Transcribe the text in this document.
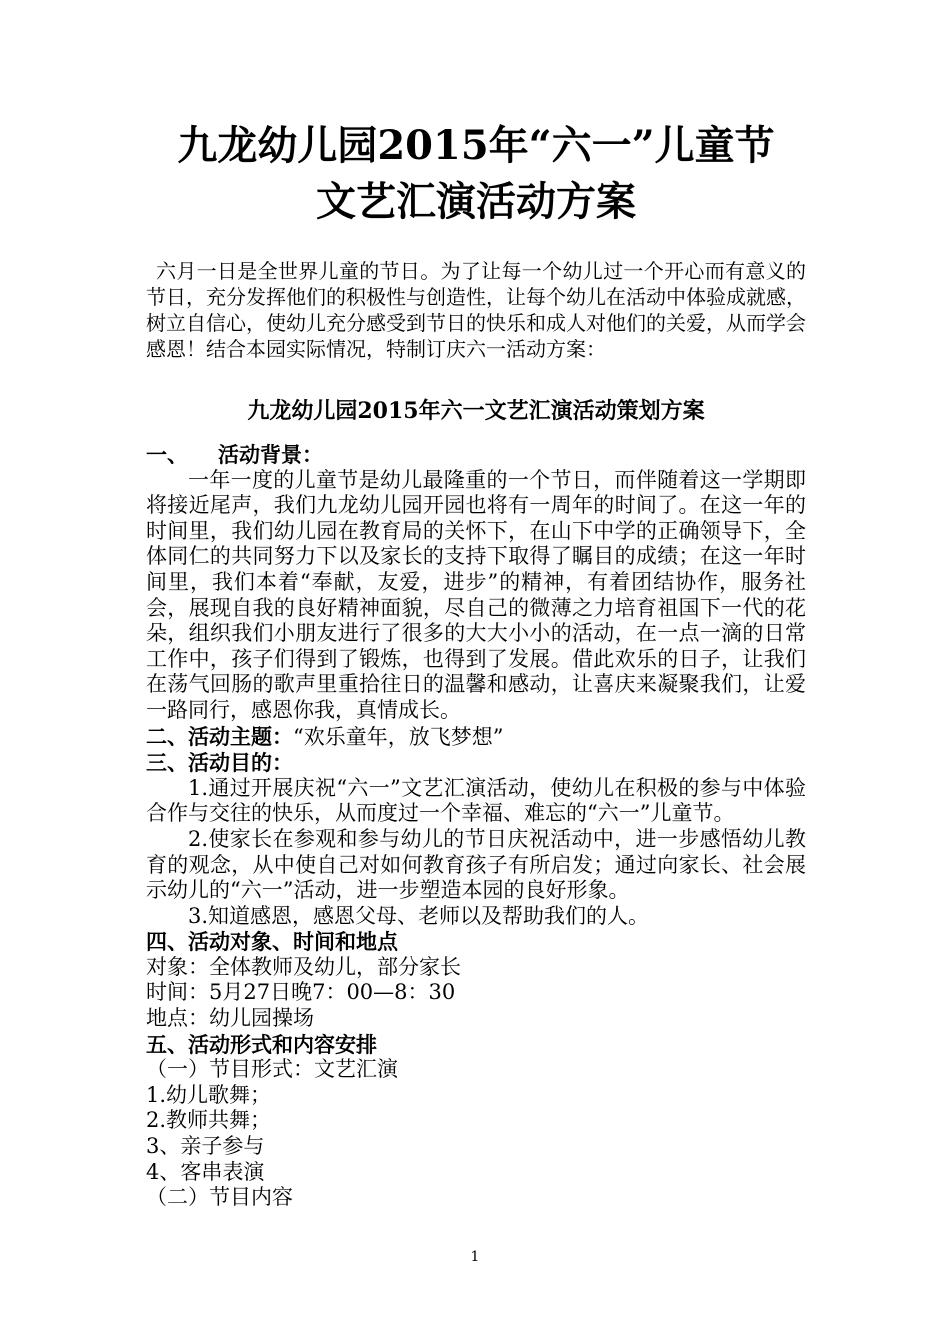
九龙幼儿园2015年“六一”儿童节
文艺汇演活动方案
六月一日是全世界儿童的节日。为了让每一个幼儿过一个开心而有意义的节日，充分发挥他们的积极性与创造性，让每个幼儿在活动中体验成就感，树立自信心，使幼儿充分感受到节日的快乐和成人对他们的关爱，从而学会感恩！结合本园实际情况，特制订庆六一活动方案：
九龙幼儿园2015年六一文艺汇演活动策划方案
一、 活动背景：
一年一度的儿童节是幼儿最隆重的一个节日，而伴随着这一学期即将接近尾声，我们九龙幼儿园开园也将有一周年的时间了。在这一年的时间里，我们幼儿园在教育局的关怀下，在山下中学的正确领导下，全体同仁的共同努力下以及家长的支持下取得了瞩目的成绩；在这一年时间里，我们本着“奉献，友爱，进步”的精神，有着团结协作，服务社会，展现自我的良好精神面貌，尽自己的微薄之力培育祖国下一代的花朵，组织我们小朋友进行了很多的大大小小的活动，在一点一滴的日常工作中，孩子们得到了锻炼，也得到了发展。借此欢乐的日子，让我们在荡气回肠的歌声里重拾往日的温馨和感动，让喜庆来凝聚我们，让爱一路同行，感恩你我，真情成长。
二、活动主题：“欢乐童年，放飞梦想”
三、活动目的：
1.通过开展庆祝“六一”文艺汇演活动，使幼儿在积极的参与中体验合作与交往的快乐，从而度过一个幸福、难忘的“六一”儿童节。
2.使家长在参观和参与幼儿的节日庆祝活动中，进一步感悟幼儿教育的观念，从中使自己对如何教育孩子有所启发；通过向家长、社会展示幼儿的“六一”活动，进一步塑造本园的良好形象。
3.知道感恩，感恩父母、老师以及帮助我们的人。
四、活动对象、时间和地点
对象：全体教师及幼儿，部分家长
时间：5月27日晚7：00—8：30
地点：幼儿园操场
五、活动形式和内容安排
（一）节目形式：文艺汇演
1.幼儿歌舞；
2.教师共舞；
3、亲子参与
4、客串表演
（二）节目内容
1
